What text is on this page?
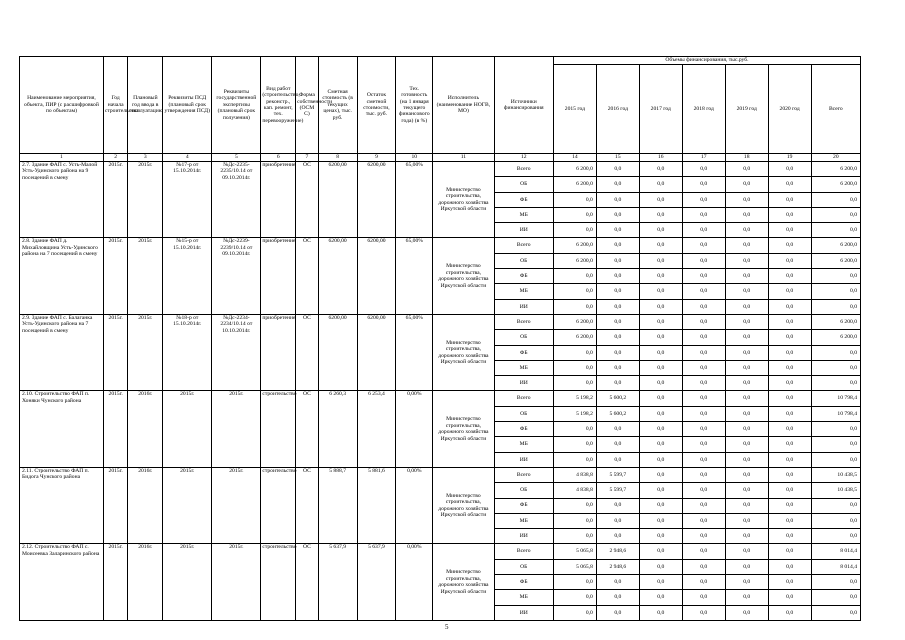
Наименование мероприятия, объекта, ПИР (с расшифровкой по объектам)	Год начала строительства	Плановый год ввода в эксплуатацию	Реквизиты ПСД (плановый срок утверждения ПСД)	Реквизиты государственной экспертизы (плановый срок получения)	Вид работ (строительство, реконстр., кап. ремонт, тех. перевооружение)	Форма собственности (ОСМ С)	Сметная стоимость (в текущих ценах), тыс. руб.	Остаток сметной стоимости, тыс. руб.	Тех. готовность (на 1 января текущего финансового года) (в %)	Исполнитель (наименование НОГВ, МО)	Источники финансирования	Объемы финансирования, тыс.руб.						
												2015 год	2016 год	2017 год	2018 год	2019 год	2020 год	Всего
1	2	3	4	5	6	7	8	9	10	11	12	14	15	16	17	18	19	20
2.7. Здание ФАП с. Усть-Малой Усть-Удинского района на 9 посещений в смену	2015г.	2015г.	№17-р от 15.10.2014г.	№Дс-2235-2235/10.14 от 09.10.2014г.	приобретение	ОС	6200,00	6200,00	65,00%	Министерство строительства, дорожного хозяйства Иркутской области	Всего	6 200,0	0,0	0,0	0,0	0,0	0,0	6 200,0
											ОБ	6 200,0	0,0	0,0	0,0	0,0	0,0	6 200,0
											ФБ	0,0	0,0	0,0	0,0	0,0	0,0	0,0
											МБ	0,0	0,0	0,0	0,0	0,0	0,0	0,0
											ИИ	0,0	0,0	0,0	0,0	0,0	0,0	0,0
2.8. Здание ФАП д. Михайловщина Усть-Удинского района на 7 посещений в смену	2015г.	2015г.	№15-р от 15.10.2014г.	№Дс-2239-2239/10.14 от 09.10.2014г.	приобретение	ОС	6200,00	6200,00	65,00%	Министерство строительства, дорожного хозяйства Иркутской области	Всего	6 200,0	0,0	0,0	0,0	0,0	0,0	6 200,0
											ОБ	6 200,0	0,0	0,0	0,0	0,0	0,0	6 200,0
											ФБ	0,0	0,0	0,0	0,0	0,0	0,0	0,0
											МБ	0,0	0,0	0,0	0,0	0,0	0,0	0,0
											ИИ	0,0	0,0	0,0	0,0	0,0	0,0	0,0
2.9. Здание ФАП с. Балаганка Усть-Удинского района на 7 посещений в смену	2015г.	2015г.	№18-р от 15.10.2014г.	№Дс-2234-2234/10.14 от 10.10.2014г.	приобретение	ОС	6200,00	6200,00	65,00%	Министерство строительства, дорожного хозяйства Иркутской области	Всего	6 200,0	0,0	0,0	0,0	0,0	0,0	6 200,0
											ОБ	6 200,0	0,0	0,0	0,0	0,0	0,0	6 200,0
											ФБ	0,0	0,0	0,0	0,0	0,0	0,0	0,0
											МБ	0,0	0,0	0,0	0,0	0,0	0,0	0,0
											ИИ	0,0	0,0	0,0	0,0	0,0	0,0	0,0
2.10. Строительство ФАП п. Хоняки Чунского района	2015г.	2016г.	2015г.	2015г.	строительство	ОС	6 260,3	6 253,4	0,00%	Министерство строительства, дорожного хозяйства Иркутской области	Всего	5 198,2	5 600,2	0,0	0,0	0,0	0,0	10 798,4
											ОБ	5 198,2	5 600,2	0,0	0,0	0,0	0,0	10 798,4
											ФБ	0,0	0,0	0,0	0,0	0,0	0,0	0,0
											МБ	0,0	0,0	0,0	0,0	0,0	0,0	0,0
											ИИ	0,0	0,0	0,0	0,0	0,0	0,0	0,0
2.11. Строительство ФАП п. Бидога Чунского района	2015г.	2016г.	2015г.	2015г.	строительство	ОС	5 888,7	5 881,6	0,00%	Министерство строительства, дорожного хозяйства Иркутской области	Всего	4 838,8	5 599,7	0,0	0,0	0,0	0,0	10 438,5
											ОБ	4 838,8	5 599,7	0,0	0,0	0,0	0,0	10 438,5
											ФБ	0,0	0,0	0,0	0,0	0,0	0,0	0,0
											МБ	0,0	0,0	0,0	0,0	0,0	0,0	0,0
											ИИ	0,0	0,0	0,0	0,0	0,0	0,0	0,0
2.12. Строительство ФАП с. Моисеевка Заларинского района	2015г.	2016г.	2015г.	2015г.	строительство	ОС	5 637,9	5 637,9	0,00%	Министерство строительства, дорожного хозяйства Иркутской области	Всего	5 065,8	2 948,6	0,0	0,0	0,0	0,0	8 014,4
											ОБ	5 065,8	2 948,6	0,0	0,0	0,0	0,0	8 014,4
											ФБ	0,0	0,0	0,0	0,0	0,0	0,0	0,0
											МБ	0,0	0,0	0,0	0,0	0,0	0,0	0,0
											ИИ	0,0	0,0	0,0	0,0	0,0	0,0	0,0
5
